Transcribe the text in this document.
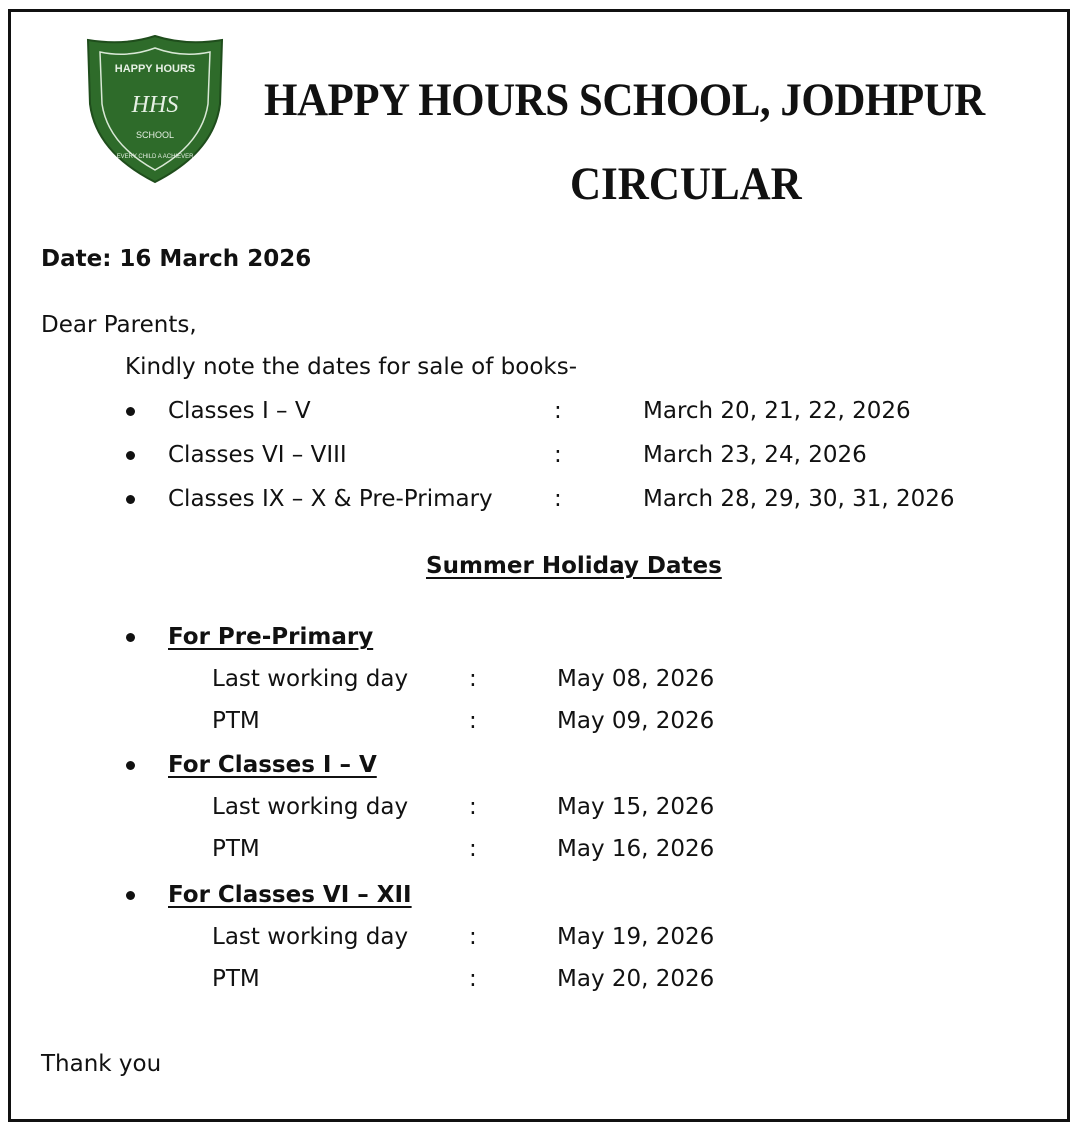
HAPPY HOURS
HHS
SCHOOL
EVERY CHILD A ACHIEVER
HAPPY HOURS SCHOOL, JODHPUR
CIRCULAR
Date: 16 March 2026
Dear Parents,
Kindly note the dates for sale of books-
Classes I – V	:	March 20, 21, 22, 2026
Classes VI – VIII	:	March 23, 24, 2026
Classes IX – X & Pre-Primary	:	March 28, 29, 30, 31, 2026
Summer Holiday Dates
For Pre-Primary
Last working day	:	May 08, 2026
PTM	:	May 09, 2026
For Classes I – V
Last working day	:	May 15, 2026
PTM	:	May 16, 2026
For Classes VI – XII
Last working day	:	May 19, 2026
PTM	:	May 20, 2026
Thank you
